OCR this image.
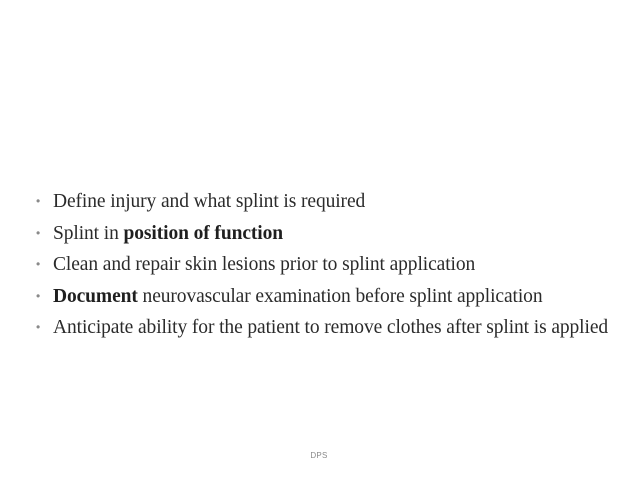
• Define injury and what splint is required
• Splint in position of function
• Clean and repair skin lesions prior to splint application
• Document neurovascular examination before splint application
• Anticipate ability for the patient to remove clothes after splint is applied
DPS
